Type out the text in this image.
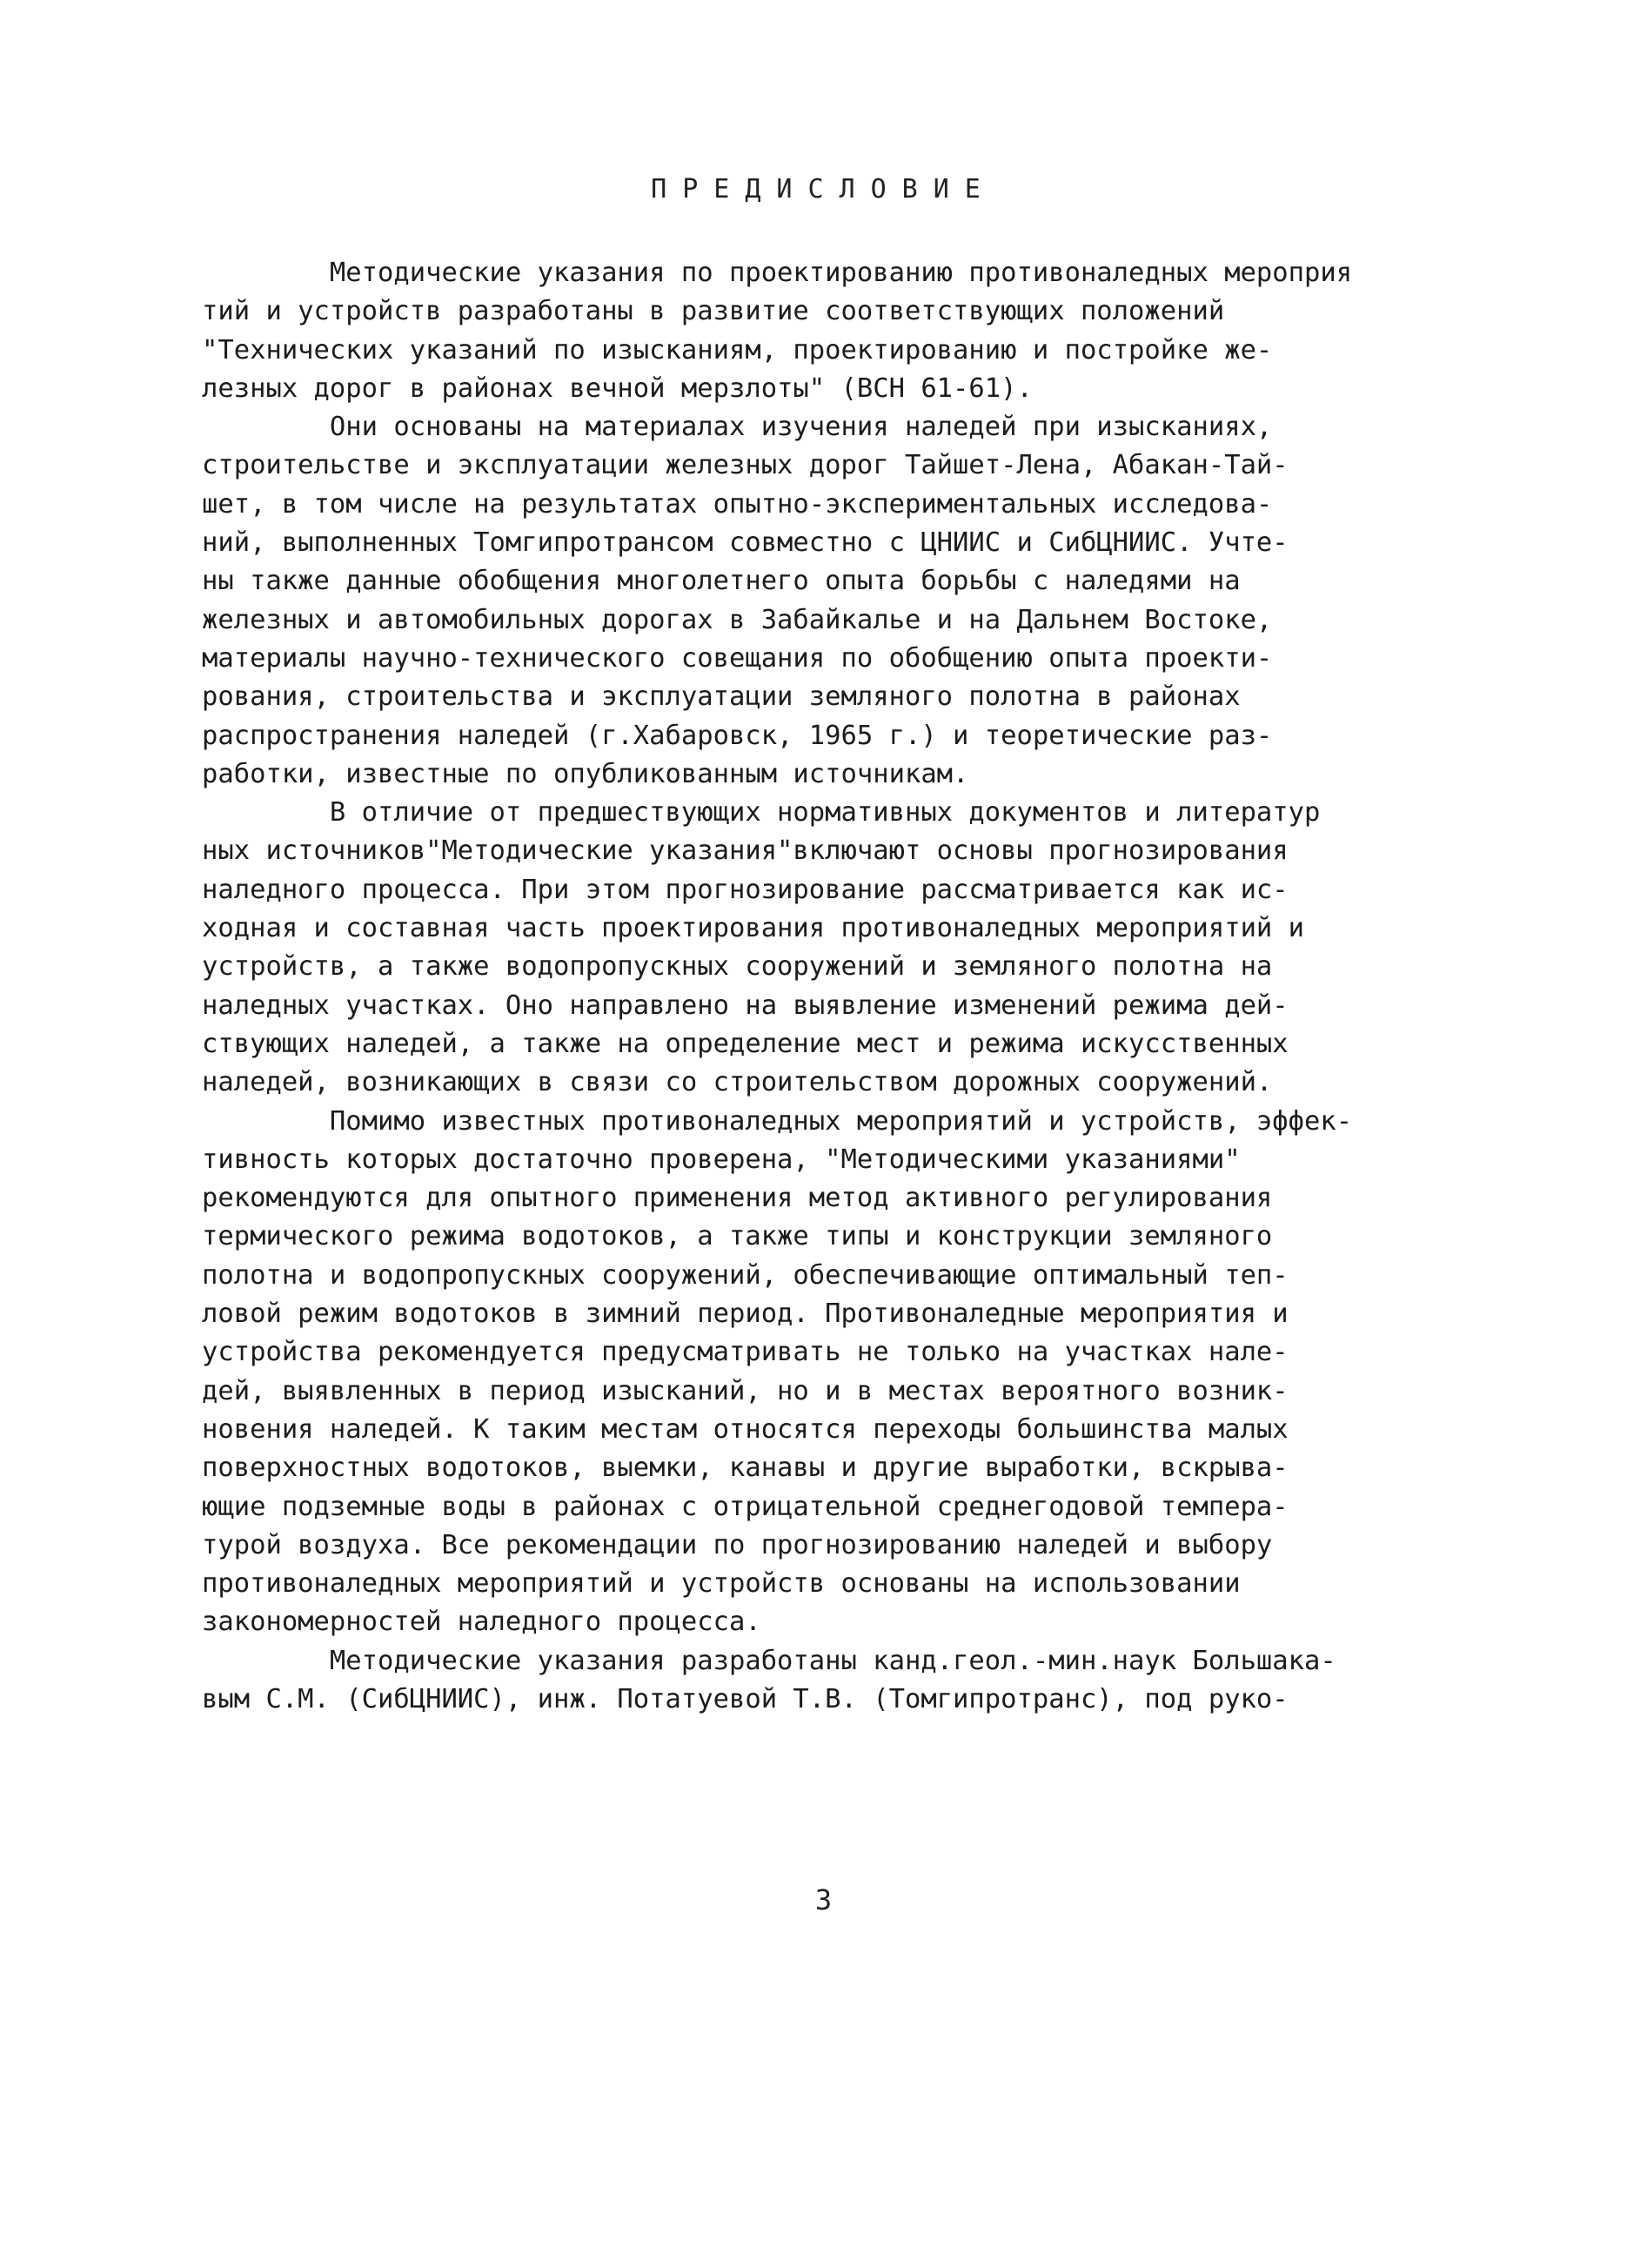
ПРЕДИСЛОВИЕ
Методические указания по проектированию противоналедных мероприя
тий и устройств разработаны в развитие соответствующих положений
"Технических указаний по изысканиям, проектированию и постройке же-
лезных дорог в районах вечной мерзлоты" (ВСН 61-61).
Они основаны на материалах изучения наледей при изысканиях,
строительстве и эксплуатации железных дорог Тайшет-Лена, Абакан-Тай-
шет, в том числе на результатах опытно-экспериментальных исследова-
ний, выполненных Томгипротрансом совместно с ЦНИИС и СибЦНИИС. Учте-
ны также данные обобщения многолетнего опыта борьбы с наледями на
железных и автомобильных дорогах в Забайкалье и на Дальнем Востоке,
материалы научно-технического совещания по обобщению опыта проекти-
рования, строительства и эксплуатации земляного полотна в районах
распространения наледей (г.Хабаровск, 1965 г.) и теоретические раз-
работки, известные по опубликованным источникам.
В отличие от предшествующих нормативных документов и литератур
ных источников"Методические указания"включают основы прогнозирования
наледного процесса. При этом прогнозирование рассматривается как ис-
ходная и составная часть проектирования противоналедных мероприятий и
устройств, а также водопропускных сооружений и земляного полотна на
наледных участках. Оно направлено на выявление изменений режима дей-
ствующих наледей, а также на определение мест и режима искусственных
наледей, возникающих в связи со строительством дорожных сооружений.
Помимо известных противоналедных мероприятий и устройств, эффек-
тивность которых достаточно проверена, "Методическими указаниями"
рекомендуются для опытного применения метод активного регулирования
термического режима водотоков, а также типы и конструкции земляного
полотна и водопропускных сооружений, обеспечивающие оптимальный теп-
ловой режим водотоков в зимний период. Противоналедные мероприятия и
устройства рекомендуется предусматривать не только на участках нале-
дей, выявленных в период изысканий, но и в местах вероятного возник-
новения наледей. К таким местам относятся переходы большинства малых
поверхностных водотоков, выемки, канавы и другие выработки, вскрыва-
ющие подземные воды в районах с отрицательной среднегодовой темпера-
турой воздуха. Все рекомендации по прогнозированию наледей и выбору
противоналедных мероприятий и устройств основаны на использовании
закономерностей наледного процесса.
Методические указания разработаны канд.геол.-мин.наук Большака-
вым С.М. (СибЦНИИС), инж. Потатуевой Т.В. (Томгипротранс), под руко-
3
